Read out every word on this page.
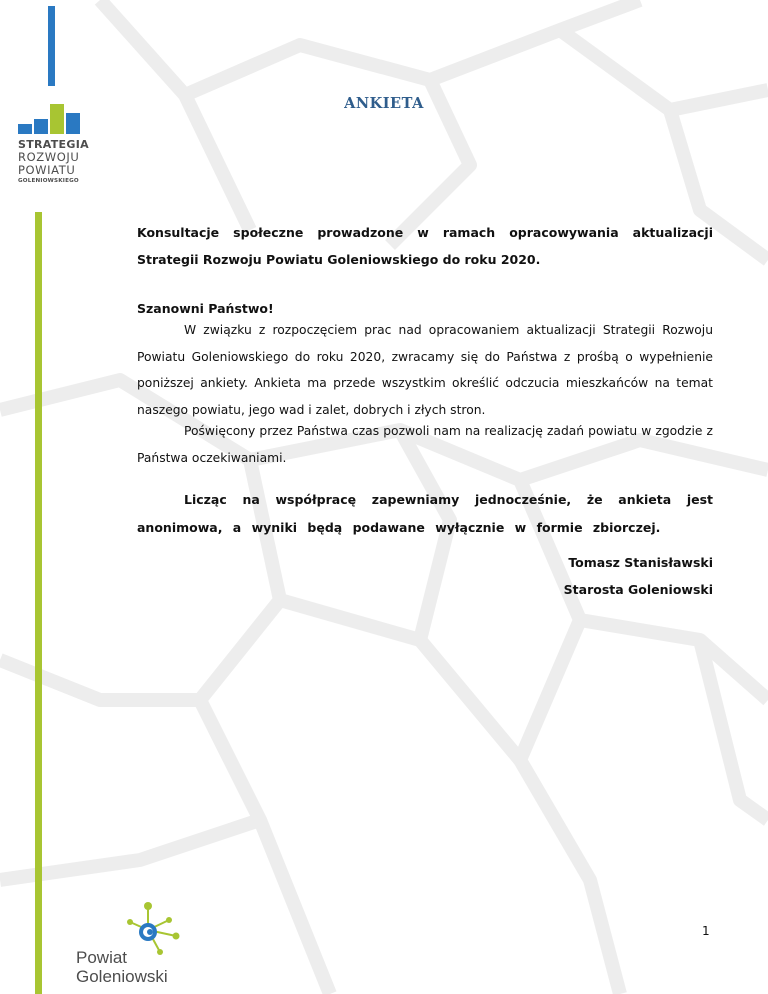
STRATEGIA
ROZWOJU
POWIATU
GOLENIOWSKIEGO
ANKIETA
Konsultacje społeczne prowadzone w ramach opracowywania aktualizacji Strategii Rozwoju Powiatu Goleniowskiego do roku 2020.
Szanowni Państwo!
W związku z rozpoczęciem prac nad opracowaniem aktualizacji Strategii Rozwoju Powiatu Goleniowskiego do roku 2020, zwracamy się do Państwa z prośbą o wypełnienie poniższej ankiety. Ankieta ma przede wszystkim określić odczucia mieszkańców na temat naszego powiatu, jego wad i zalet, dobrych i złych stron.
Poświęcony przez Państwa czas pozwoli nam na realizację zadań powiatu w zgodzie z Państwa oczekiwaniami.
Licząc na współpracę zapewniamy jednocześnie, że ankieta jest anonimowa, a wyniki będą podawane wyłącznie w formie zbiorczej.
Tomasz Stanisławski
Starosta Goleniowski
1
Powiat
Goleniowski
